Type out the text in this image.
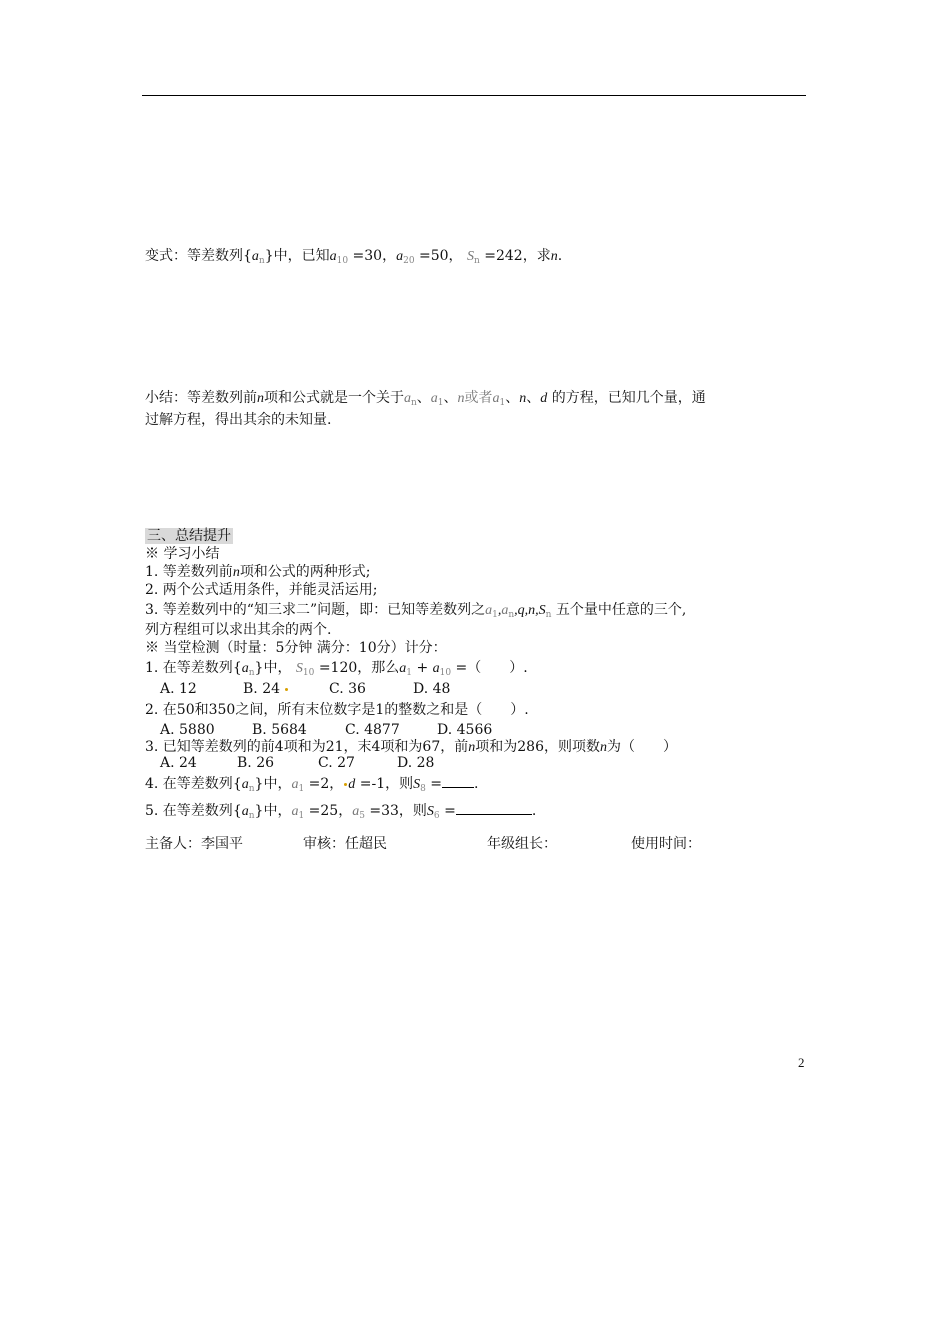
变式：等差数列$\{a_n\}$中，已知$a_{10} =30$，$a_{20} =50$， $S_n =242$，求n.
小结：等差数列前n项和公式就是一个关于$a_n$、$a_1$、n或者$a_1$、n、d 的方程，已知几个量，通
过解方程，得出其余的未知量.
三、总结提升
※ 学习小结
1. 等差数列前n项和公式的两种形式;
2. 两个公式适用条件，并能灵活运用;
3. 等差数列中的“知三求二”问题，即：已知等差数列之$a_1,a_n,q,n,S_n$ 五个量中任意的三个,
列方程组可以求出其余的两个.
※ 当堂检测（时量：5分钟 满分：10分）计分：
1. 在等差数列$\{a_n\}$中， $S_{10} =120$，那么$a_1 + a_{10}$ =（　　）.
A. 12	B. 24	C. 36	D. 48
2. 在50和350之间，所有末位数字是1的整数之和是（　　）.
A. 5880	B. 5684	C. 4877	D. 4566
3. 已知等差数列的前4项和为21，末4项和为67，前n项和为286，则项数n为（　　）
A. 24	B. 26	C. 27	D. 28
4. 在等差数列$\{a_n\}$中，$a_1 =2$， d =-1，则$S_8$ = .
5. 在等差数列$\{a_n\}$中，$a_1 =25$，$a_5 =33$，则$S_6$ =	.
主备人：李国平	审核：任超民	年级组长：	使用时间：
2
